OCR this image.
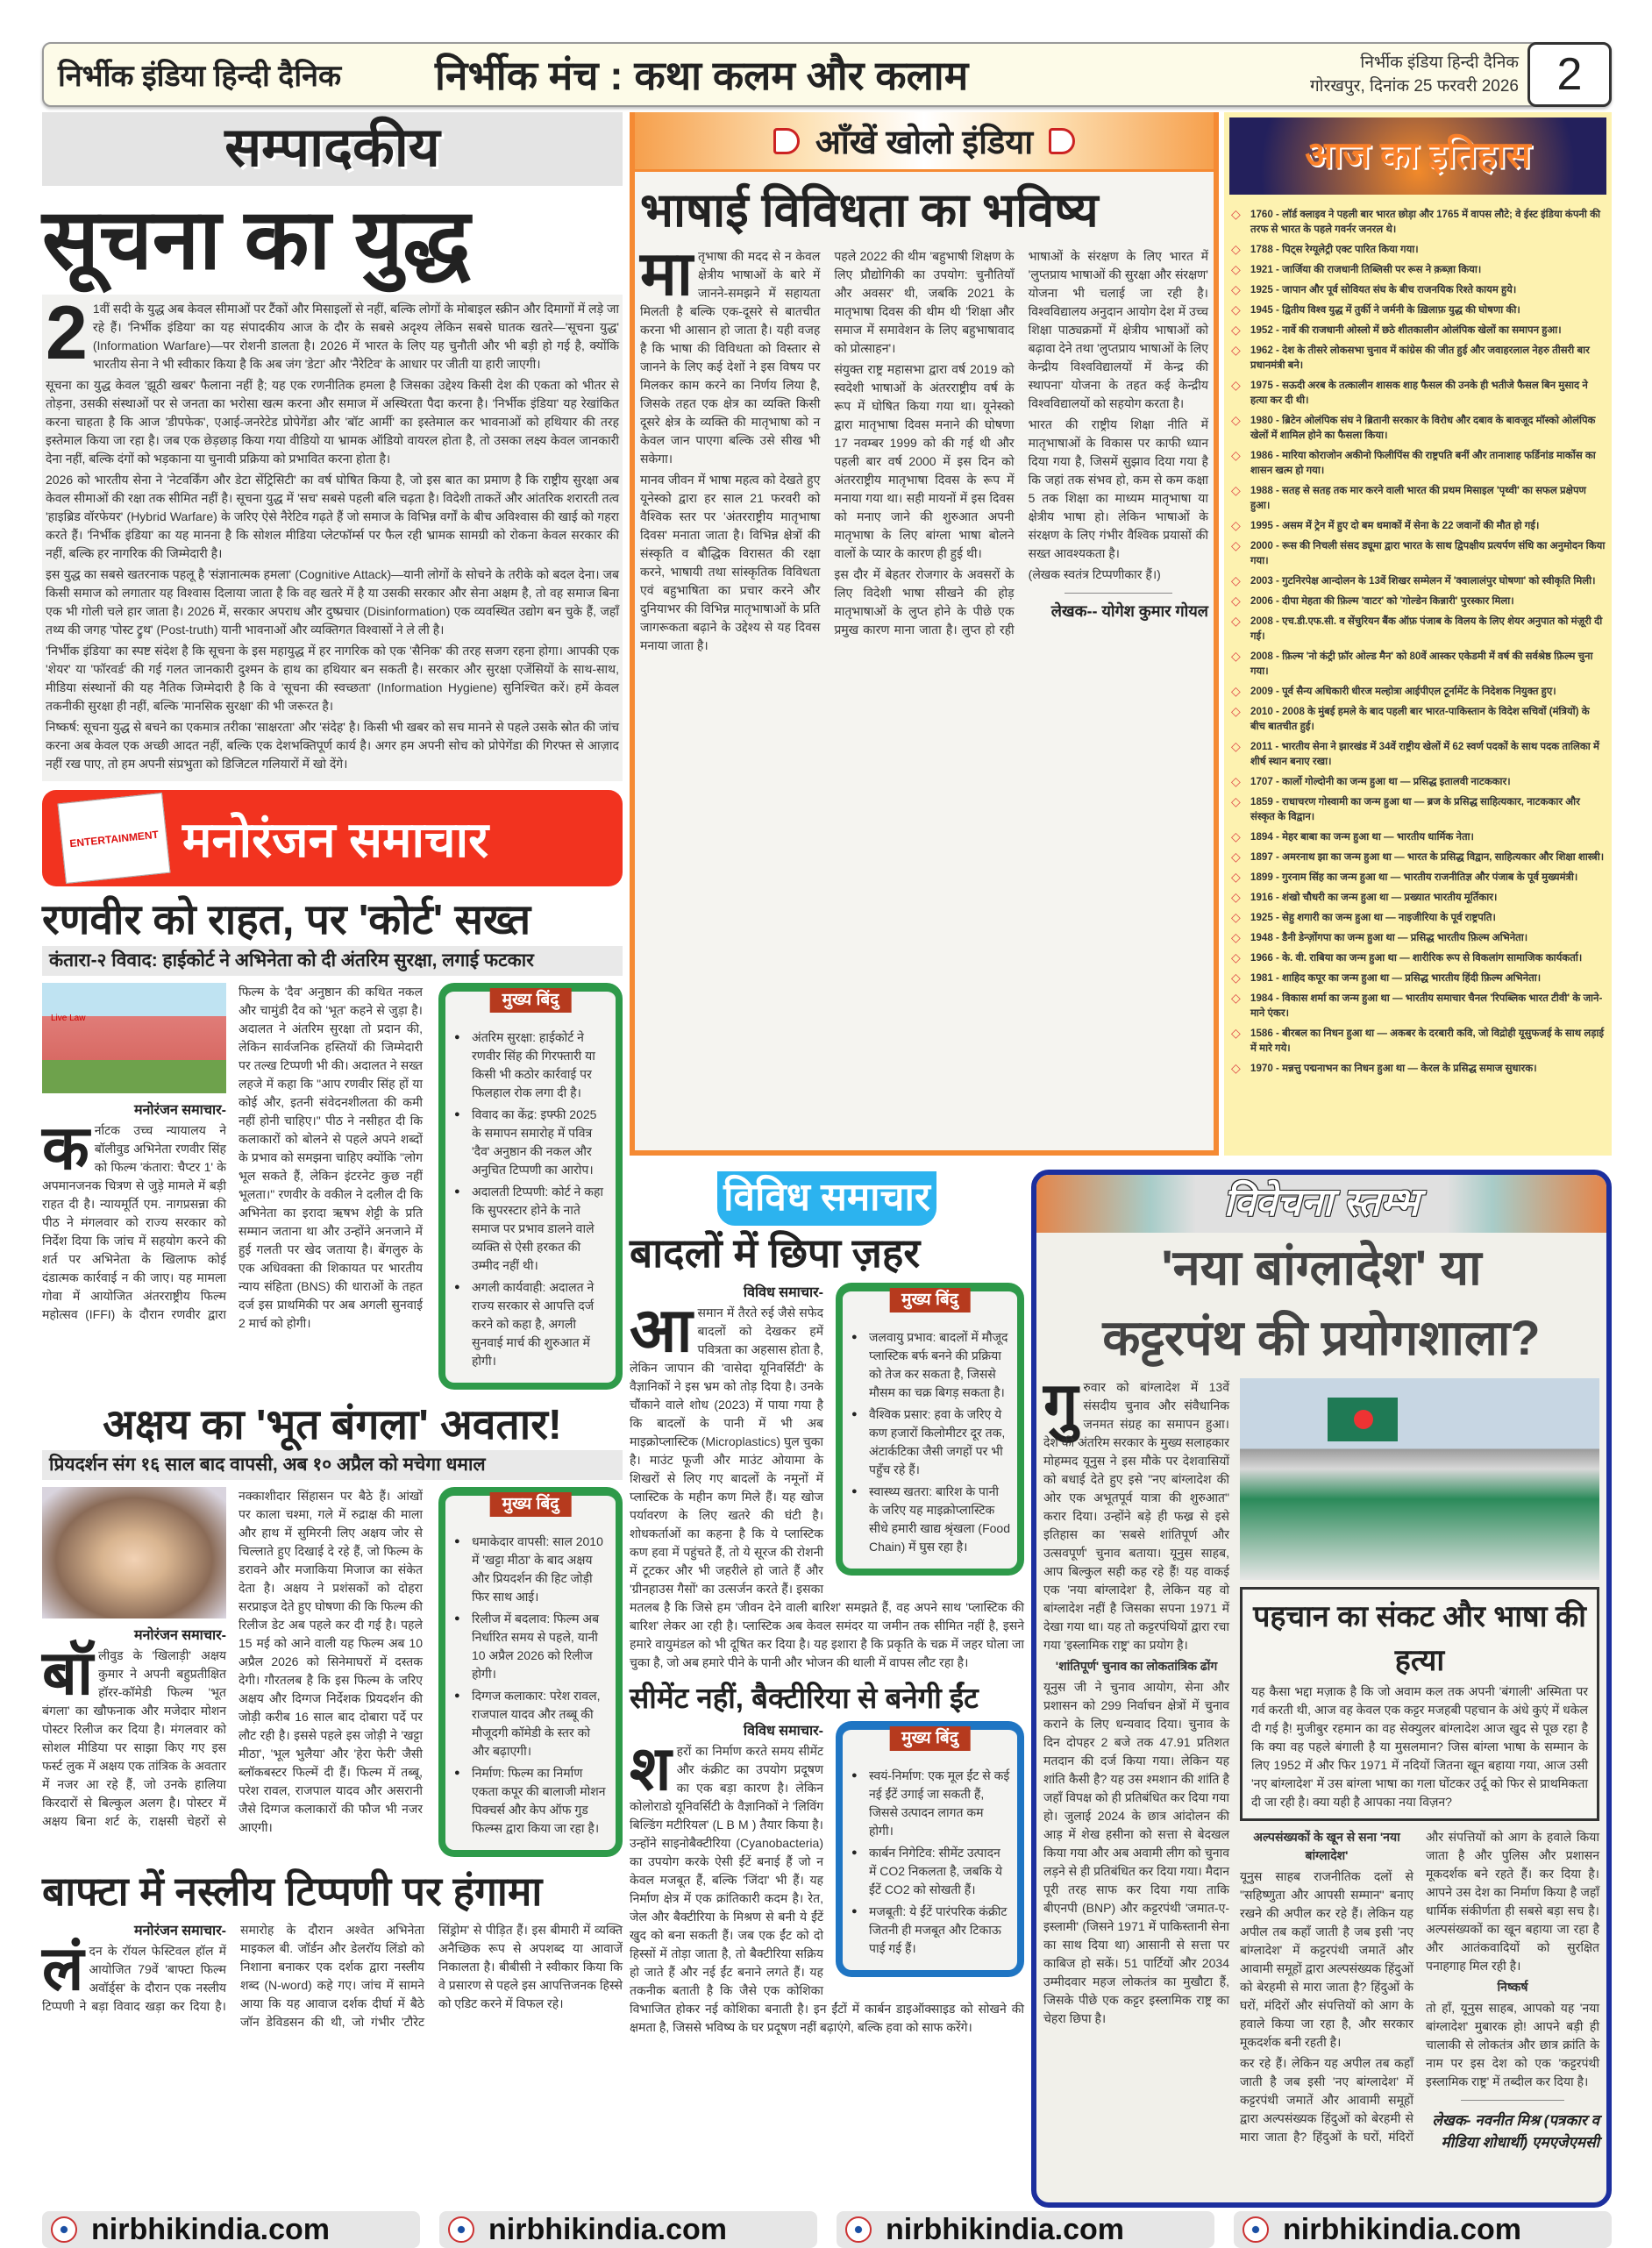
निर्भीक इंडिया हिन्दी दैनिक	निर्भीक मंच : कथा कलम और कलाम	निर्भीक इंडिया हिन्दी दैनिक
गोरखपुर, दिनांक 25 फरवरी 2026 2
सम्पादकीय
सूचना का युद्ध
2 1वीं सदी के युद्ध अब केवल सीमाओं पर टैंकों और मिसाइलों से नहीं, बल्कि लोगों के मोबाइल स्क्रीन और दिमागों में लड़े जा रहे हैं। 'निर्भीक इंडिया' का यह संपादकीय आज के दौर के सबसे अदृश्य लेकिन सबसे घातक खतरे—'सूचना युद्ध' (Information Warfare)—पर रोशनी डालता है। 2026 में भारत के लिए यह चुनौती और भी बड़ी हो गई है, क्योंकि भारतीय सेना ने भी स्वीकार किया है कि अब जंग 'डेटा' और 'नैरेटिव' के आधार पर जीती या हारी जाएगी।

सूचना का युद्ध केवल 'झूठी खबर' फैलाना नहीं है; यह एक रणनीतिक हमला है जिसका उद्देश्य किसी देश की एकता को भीतर से तोड़ना, उसकी संस्थाओं पर से जनता का भरोसा खत्म करना और समाज में अस्थिरता पैदा करना है। 'निर्भीक इंडिया' यह रेखांकित करना चाहता है कि आज 'डीपफेक', एआई-जनरेटेड प्रोपेगेंडा और 'बॉट आर्मी' का इस्तेमाल कर भावनाओं को हथियार की तरह इस्तेमाल किया जा रहा है। जब एक छेड़छाड़ किया गया वीडियो या भ्रामक ऑडियो वायरल होता है, तो उसका लक्ष्य केवल जानकारी देना नहीं, बल्कि दंगों को भड़काना या चुनावी प्रक्रिया को प्रभावित करना होता है।

2026 को भारतीय सेना ने 'नेटवर्किंग और डेटा सेंट्रिसिटी' का वर्ष घोषित किया है, जो इस बात का प्रमाण है कि राष्ट्रीय सुरक्षा अब केवल सीमाओं की रक्षा तक सीमित नहीं है। सूचना युद्ध में 'सच' सबसे पहली बलि चढ़ता है। विदेशी ताकतें और आंतरिक शरारती तत्व 'हाइब्रिड वॉरफेयर' (Hybrid Warfare) के जरिए ऐसे नैरेटिव गढ़ते हैं जो समाज के विभिन्न वर्गों के बीच अविश्वास की खाई को गहरा करते हैं। 'निर्भीक इंडिया' का यह मानना है कि सोशल मीडिया प्लेटफॉर्म्स पर फैल रही भ्रामक सामग्री को रोकना केवल सरकार की नहीं, बल्कि हर नागरिक की जिम्मेदारी है।

इस युद्ध का सबसे खतरनाक पहलू है 'संज्ञानात्मक हमला' (Cognitive Attack)—यानी लोगों के सोचने के तरीके को बदल देना। जब किसी समाज को लगातार यह विश्वास दिलाया जाता है कि वह खतरे में है या उसकी सरकार और सेना अक्षम है, तो वह समाज बिना एक भी गोली चले हार जाता है। 2026 में, सरकार अपराध और दुष्प्रचार (Disinformation) एक व्यवस्थित उद्योग बन चुके हैं, जहाँ तथ्य की जगह 'पोस्ट ट्रुथ' (Post-truth) यानी भावनाओं और व्यक्तिगत विश्वासों ने ले ली है।

'निर्भीक इंडिया' का स्पष्ट संदेश है कि सूचना के इस महायुद्ध में हर नागरिक को एक 'सैनिक' की तरह सजग रहना होगा। आपकी एक 'शेयर' या 'फॉरवर्ड' की गई गलत जानकारी दुश्मन के हाथ का हथियार बन सकती है। सरकार और सुरक्षा एजेंसियों के साथ-साथ, मीडिया संस्थानों की यह नैतिक जिम्मेदारी है कि वे 'सूचना की स्वच्छता' (Information Hygiene) सुनिश्चित करें। हमें केवल तकनीकी सुरक्षा ही नहीं, बल्कि 'मानसिक सुरक्षा' की भी जरूरत है।

निष्कर्ष: सूचना युद्ध से बचने का एकमात्र तरीका 'साक्षरता' और 'संदेह' है। किसी भी खबर को सच मानने से पहले उसके स्रोत की जांच करना अब केवल एक अच्छी आदत नहीं, बल्कि एक देशभक्तिपूर्ण कार्य है। अगर हम अपनी सोच को प्रोपेगेंडा की गिरफ्त से आज़ाद नहीं रख पाए, तो हम अपनी संप्रभुता को डिजिटल गलियारों में खो देंगे।

ENTERTAINMENT मनोरंजन समाचार
रणवीर को राहत, पर 'कोर्ट' सख्त
कंतारा-२ विवाद: हाईकोर्ट ने अभिनेता को दी अंतरिम सुरक्षा, लगाई फटकार
Live Law
मनोरंजन समाचार-
क र्नाटक उच्च न्यायालय ने बॉलीवुड अभिनेता रणवीर सिंह को फिल्म 'कंतारा: चैप्टर 1' के अपमानजनक चित्रण से जुड़े मामले में बड़ी राहत दी है। न्यायमूर्ति एम. नागप्रसन्ना की पीठ ने मंगलवार को राज्य सरकार को निर्देश दिया कि जांच में सहयोग करने की शर्त पर अभिनेता के खिलाफ कोई दंडात्मक कार्रवाई न की जाए। यह मामला गोवा में आयोजित अंतरराष्ट्रीय फिल्म महोत्सव (IFFI) के दौरान रणवीर द्वारा फिल्म के 'दैव' अनुष्ठान की कथित नकल और चामुंडी दैव को 'भूत' कहने से जुड़ा है। अदालत ने अंतरिम सुरक्षा तो प्रदान की, लेकिन सार्वजनिक हस्तियों की जिम्मेदारी पर तल्ख टिप्पणी भी की। अदालत ने सख्त लहजे में कहा कि "आप रणवीर सिंह हों या कोई और, इतनी संवेदनशीलता की कमी नहीं होनी चाहिए।" पीठ ने नसीहत दी कि कलाकारों को बोलने से पहले अपने शब्दों के प्रभाव को समझना चाहिए क्योंकि "लोग भूल सकते हैं, लेकिन इंटरनेट कुछ नहीं भूलता।" रणवीर के वकील ने दलील दी कि अभिनेता का इरादा ऋषभ शेट्टी के प्रति सम्मान जताना था और उन्होंने अनजाने में हुई गलती पर खेद जताया है। बेंगलुरु के एक अधिवक्ता की शिकायत पर भारतीय न्याय संहिता (BNS) की धाराओं के तहत दर्ज इस प्राथमिकी पर अब अगली सुनवाई 2 मार्च को होगी।
मुख्य बिंदु
● अंतरिम सुरक्षा: हाईकोर्ट ने रणवीर सिंह की गिरफ्तारी या किसी भी कठोर कार्रवाई पर फिलहाल रोक लगा दी है।
● विवाद का केंद्र: इफ्फी 2025 के समापन समारोह में पवित्र 'दैव' अनुष्ठान की नकल और अनुचित टिप्पणी का आरोप।
● अदालती टिप्पणी: कोर्ट ने कहा कि सुपरस्टार होने के नाते समाज पर प्रभाव डालने वाले व्यक्ति से ऐसी हरकत की उम्मीद नहीं थी।
● अगली कार्यवाही: अदालत ने राज्य सरकार से आपत्ति दर्ज करने को कहा है, अगली सुनवाई मार्च की शुरुआत में होगी।
अक्षय का 'भूत बंगला' अवतार!
प्रियदर्शन संग १६ साल बाद वापसी, अब १० अप्रैल को मचेगा धमाल
मनोरंजन समाचार-
बॉ लीवुड के 'खिलाड़ी' अक्षय कुमार ने अपनी बहुप्रतीक्षित हॉरर-कॉमेडी फिल्म 'भूत बंगला' का खौफनाक और मजेदार मोशन पोस्टर रिलीज कर दिया है। मंगलवार को सोशल मीडिया पर साझा किए गए इस फर्स्ट लुक में अक्षय एक तांत्रिक के अवतार में नजर आ रहे हैं, जो उनके हालिया किरदारों से बिल्कुल अलग है। पोस्टर में अक्षय बिना शर्ट के, राक्षसी चेहरों से नक्काशीदार सिंहासन पर बैठे हैं। आंखों पर काला चश्मा, गले में रुद्राक्ष की माला और हाथ में सुमिरनी लिए अक्षय जोर से चिल्लाते हुए दिखाई दे रहे हैं, जो फिल्म के डरावने और मजाकिया मिजाज का संकेत देता है। अक्षय ने प्रशंसकों को दोहरा सरप्राइज देते हुए घोषणा की कि फिल्म की रिलीज डेट अब पहले कर दी गई है। पहले 15 मई को आने वाली यह फिल्म अब 10 अप्रैल 2026 को सिनेमाघरों में दस्तक देगी। गौरतलब है कि इस फिल्म के जरिए अक्षय और दिग्गज निर्देशक प्रियदर्शन की जोड़ी करीब 16 साल बाद दोबारा पर्दे पर लौट रही है। इससे पहले इस जोड़ी ने 'खट्टा मीठा', 'भूल भुलैया' और 'हेरा फेरी' जैसी ब्लॉकबस्टर फिल्में दी हैं। फिल्म में तब्बू, परेश रावल, राजपाल यादव और असरानी जैसे दिग्गज कलाकारों की फौज भी नजर आएगी।
मुख्य बिंदु
● धमाकेदार वापसी: साल 2010 में 'खट्टा मीठा' के बाद अक्षय और प्रियदर्शन की हिट जोड़ी फिर साथ आई।
● रिलीज में बदलाव: फिल्म अब निर्धारित समय से पहले, यानी 10 अप्रैल 2026 को रिलीज होगी।
● दिग्गज कलाकार: परेश रावल, राजपाल यादव और तब्बू की मौजूदगी कॉमेडी के स्तर को और बढ़ाएगी।
● निर्माण: फिल्म का निर्माण एकता कपूर की बालाजी मोशन पिक्चर्स और केप ऑफ गुड फिल्म्स द्वारा किया जा रहा है।
बाफ्टा में नस्लीय टिप्पणी पर हंगामा
मनोरंजन समाचार-
लं दन के रॉयल फेस्टिवल हॉल में आयोजित 79वें 'बाफ्टा फिल्म अवॉर्ड्स' के दौरान एक नस्लीय टिप्पणी ने बड़ा विवाद खड़ा कर दिया है। समारोह के दौरान अश्वेत अभिनेता माइकल बी. जॉर्डन और डेलरॉय लिंडो को निशाना बनाकर एक दर्शक द्वारा नस्लीय शब्द (N-word) कहे गए। जांच में सामने आया कि यह आवाज दर्शक दीर्घा में बैठे जॉन डेविडसन की थी, जो गंभीर 'टौरेट सिंड्रोम' से पीड़ित हैं। इस बीमारी में व्यक्ति अनैच्छिक रूप से अपशब्द या आवाजें निकालता है। बीबीसी ने स्वीकार किया कि वे प्रसारण से पहले इस आपत्तिजनक हिस्से को एडिट करने में विफल रहे।
आँखें खोलो इंडिया
भाषाई विविधता का भविष्य
मा तृभाषा की मदद से न केवल क्षेत्रीय भाषाओं के बारे में जानने-समझने में सहायता मिलती है बल्कि एक-दूसरे से बातचीत करना भी आसान हो जाता है। यही वजह है कि भाषा की विविधता को विस्तार से जानने के लिए कई देशों ने इस विषय पर मिलकर काम करने का निर्णय लिया है, जिसके तहत एक क्षेत्र का व्यक्ति किसी दूसरे क्षेत्र के व्यक्ति की मातृभाषा को न केवल जान पाएगा बल्कि उसे सीख भी सकेगा।

मानव जीवन में भाषा महत्व को देखते हुए यूनेस्को द्वारा हर साल 21 फरवरी को वैश्विक स्तर पर 'अंतरराष्ट्रीय मातृभाषा दिवस' मनाता जाता है। विभिन्न क्षेत्रों की संस्कृति व बौद्धिक विरासत की रक्षा करने, भाषायी तथा सांस्कृतिक विविधता एवं बहुभाषिता का प्रचार करने और दुनियाभर की विभिन्न मातृभाषाओं के प्रति जागरूकता बढ़ाने के उद्देश्य से यह दिवस मनाया जाता है।

पहले 2022 की थीम 'बहुभाषी शिक्षण के लिए प्रौद्योगिकी का उपयोग: चुनौतियाँ और अवसर' थी, जबकि 2021 के मातृभाषा दिवस की थीम थी 'शिक्षा और समाज में समावेशन के लिए बहुभाषावाद को प्रोत्साहन'।

संयुक्त राष्ट्र महासभा द्वारा वर्ष 2019 को स्वदेशी भाषाओं के अंतरराष्ट्रीय वर्ष के रूप में घोषित किया गया था। यूनेस्को द्वारा मातृभाषा दिवस मनाने की घोषणा 17 नवम्बर 1999 को की गई थी और पहली बार वर्ष 2000 में इस दिन को अंतरराष्ट्रीय मातृभाषा दिवस के रूप में मनाया गया था। सही मायनों में इस दिवस को मनाए जाने की शुरुआत अपनी मातृभाषा के लिए बांग्ला भाषा बोलने वालों के प्यार के कारण ही हुई थी।

इस दौर में बेहतर रोजगार के अवसरों के लिए विदेशी भाषा सीखने की होड़ मातृभाषाओं के लुप्त होने के पीछे एक प्रमुख कारण माना जाता है। लुप्त हो रही भाषाओं के संरक्षण के लिए भारत में 'लुप्तप्राय भाषाओं की सुरक्षा और संरक्षण' योजना भी चलाई जा रही है। विश्वविद्यालय अनुदान आयोग देश में उच्च शिक्षा पाठ्यक्रमों में क्षेत्रीय भाषाओं को बढ़ावा देने तथा 'लुप्तप्राय भाषाओं के लिए केन्द्रीय विश्वविद्यालयों में केन्द्र की स्थापना' योजना के तहत कई केन्द्रीय विश्वविद्यालयों को सहयोग करता है।

भारत की राष्ट्रीय शिक्षा नीति में मातृभाषाओं के विकास पर काफी ध्यान दिया गया है, जिसमें सुझाव दिया गया है कि जहां तक संभव हो, कम से कम कक्षा 5 तक शिक्षा का माध्यम मातृभाषा या क्षेत्रीय भाषा हो। लेकिन भाषाओं के संरक्षण के लिए गंभीर वैश्विक प्रयासों की सख्त आवश्यकता है।

(लेखक स्वतंत्र टिप्पणीकार हैं।)

लेखक-- योगेश कुमार गोयल
आज का इतिहास
◇ 1760 - लॉर्ड क्लाइव ने पहली बार भारत छोड़ा और 1765 में वापस लौटे; वे ईस्ट इंडिया कंपनी की तरफ से भारत के पहले गवर्नर जनरल थे।
◇ 1788 - पिट्स रेग्यूलेट्री एक्ट पारित किया गया।
◇ 1921 - जार्जिया की राजधानी तिब्लिसी पर रूस ने क़ब्ज़ा किया।
◇ 1925 - जापान और पूर्व सोवियत संघ के बीच राजनयिक रिश्ते कायम हुये।
◇ 1945 - द्वितीय विश्व युद्ध में तुर्की ने जर्मनी के ख़िलाफ़ युद्ध की घोषणा की।
◇ 1952 - नार्वे की राजधानी ओस्लो में छठे शीतकालीन ओलंपिक खेलों का समापन हुआ।
◇ 1962 - देश के तीसरे लोकसभा चुनाव में कांग्रेस की जीत हुई और जवाहरलाल नेहरु तीसरी बार प्रधानमंत्री बने।
◇ 1975 - सऊदी अरब के तत्कालीन शासक शाह फैसल की उनके ही भतीजे फैसल बिन मुसाद ने हत्या कर दी थी।
◇ 1980 - ब्रिटेन ओलंपिक संघ ने ब्रितानी सरकार के विरोध और दबाव के बावजूद मॉस्को ओलंपिक खेलों में शामिल होने का फैसला किया।
◇ 1986 - मारिया कोराजोन अकीनो फिलीपिंस की राष्ट्रपति बनीं और तानाशाह फर्डिनांड मार्कोस का शासन खत्म हो गया।
◇ 1988 - सतह से सतह तक मार करने वाली भारत की प्रथम मिसाइल 'पृथ्वी' का सफल प्रक्षेपण हुआ।
◇ 1995 - असम में ट्रेन में हुए दो बम धमाकों में सेना के 22 जवानों की मौत हो गई।
◇ 2000 - रूस की निचली संसद ड्यूमा द्वारा भारत के साथ द्विपक्षीय प्रत्यर्पण संधि का अनुमोदन किया गया।
◇ 2003 - गुटनिरपेक्ष आन्दोलन के 13वें शिखर सम्मेलन में 'क्वालालंपुर घोषणा' को स्वीकृति मिली।
◇ 2006 - दीपा मेहता की फ़िल्म 'वाटर' को 'गोल्डेन किन्नारी' पुरस्कार मिला।
◇ 2008 - एच.डी.एफ.सी. व सेंचुरियन बैंक ऑफ़ पंजाब के विलय के लिए शेयर अनुपात को मंज़ूरी दी गई।
◇ 2008 - फ़िल्म 'नो कंट्री फ़ॉर ओल्ड मैन' को 80वें आस्कर एकेडमी में वर्ष की सर्वश्रेष्ठ फ़िल्म चुना गया।
◇ 2009 - पूर्व सैन्य अधिकारी धीरज मल्होत्रा आईपीएल टूर्नामेंट के निदेशक नियुक्त हुए।
◇ 2010 - 2008 के मुंबई हमले के बाद पहली बार भारत-पाकिस्तान के विदेश सचिवों (मंत्रियों) के बीच बातचीत हुई।
◇ 2011 - भारतीय सेना ने झारखंड में 34वें राष्ट्रीय खेलों में 62 स्वर्ण पदकों के साथ पदक तालिका में शीर्ष स्थान बनाए रखा।
◇ 1707 - कार्लो गोल्दोनी का जन्म हुआ था — प्रसिद्ध इतालवी नाटककार।
◇ 1859 - राधाचरण गोस्वामी का जन्म हुआ था — ब्रज के प्रसिद्ध साहित्यकार, नाटककार और संस्कृत के विद्वान।
◇ 1894 - मेहर बाबा का जन्म हुआ था — भारतीय धार्मिक नेता।
◇ 1897 - अमरनाथ झा का जन्म हुआ था — भारत के प्रसिद्ध विद्वान, साहित्यकार और शिक्षा शास्त्री।
◇ 1899 - गुरनाम सिंह का जन्म हुआ था — भारतीय राजनीतिज्ञ और पंजाब के पूर्व मुख्यमंत्री।
◇ 1916 - शंखो चौधरी का जन्म हुआ था — प्रख्यात भारतीय मूर्तिकार।
◇ 1925 - सेहु शगारी का जन्म हुआ था — नाइजीरिया के पूर्व राष्ट्रपति।
◇ 1948 - डैनी डेन्ज़ोंगपा का जन्म हुआ था — प्रसिद्ध भारतीय फ़िल्म अभिनेता।
◇ 1966 - के. वी. राबिया का जन्म हुआ था — शारीरिक रूप से विकलांग सामाजिक कार्यकर्ता।
◇ 1981 - शाहिद कपूर का जन्म हुआ था — प्रसिद्ध भारतीय हिंदी फ़िल्म अभिनेता।
◇ 1984 - विकास शर्मा का जन्म हुआ था — भारतीय समाचार चैनल 'रिपब्लिक भारत टीवी' के जाने-माने एंकर।
◇ 1586 - बीरबल का निधन हुआ था — अकबर के दरबारी कवि, जो विद्रोही यूसुफजई के साथ लड़ाई में मारे गये।
◇ 1970 - मन्नत्तु पद्मनाभन का निधन हुआ था — केरल के प्रसिद्ध समाज सुधारक।
विविध समाचार
बादलों में छिपा ज़हर
मुख्य बिंदु
● जलवायु प्रभाव: बादलों में मौजूद प्लास्टिक बर्फ बनने की प्रक्रिया को तेज कर सकता है, जिससे मौसम का चक्र बिगड़ सकता है।
● वैश्विक प्रसार: हवा के जरिए ये कण हजारों किलोमीटर दूर तक, अंटार्कटिका जैसी जगहों पर भी पहुँच रहे हैं।
● स्वास्थ्य खतरा: बारिश के पानी के जरिए यह माइक्रोप्लास्टिक सीधे हमारी खाद्य श्रृंखला (Food Chain) में घुस रहा है।
विविध समाचार-
आ समान में तैरते रुई जैसे सफेद बादलों को देखकर हमें पवित्रता का अहसास होता है, लेकिन जापान की 'वासेदा यूनिवर्सिटी' के वैज्ञानिकों ने इस भ्रम को तोड़ दिया है। उनके चौंकाने वाले शोध (2023) में पाया गया है कि बादलों के पानी में भी अब माइक्रोप्लास्टिक (Microplastics) घुल चुका है। माउंट फूजी और माउंट ओयामा के शिखरों से लिए गए बादलों के नमूनों में प्लास्टिक के महीन कण मिले हैं। यह खोज पर्यावरण के लिए खतरे की घंटी है। शोधकर्ताओं का कहना है कि ये प्लास्टिक कण हवा में पहुंचते हैं, तो ये सूरज की रोशनी में टूटकर और भी जहरीले हो जाते हैं और 'ग्रीनहाउस गैसों' का उत्सर्जन करते हैं। इसका मतलब है कि जिसे हम 'जीवन देने वाली बारिश' समझते हैं, वह अपने साथ 'प्लास्टिक की बारिश' लेकर आ रही है। प्लास्टिक अब केवल समंदर या जमीन तक सीमित नहीं है, इसने हमारे वायुमंडल को भी दूषित कर दिया है। यह इशारा है कि प्रकृति के चक्र में जहर घोला जा चुका है, जो अब हमारे पीने के पानी और भोजन की थाली में वापस लौट रहा है।
सीमेंट नहीं, बैक्टीरिया से बनेगी ईंट
मुख्य बिंदु
● स्वयं-निर्माण: एक मूल ईंट से कई नई ईंटें उगाई जा सकती हैं, जिससे उत्पादन लागत कम होगी।
● कार्बन निगेटिव: सीमेंट उत्पादन में CO2 निकलता है, जबकि ये ईंटें CO2 को सोखती हैं।
● मजबूती: ये ईंटें पारंपरिक कंक्रीट जितनी ही मजबूत और टिकाऊ पाई गई हैं।
विविध समाचार-
श हरों का निर्माण करते समय सीमेंट और कंक्रीट का उपयोग प्रदूषण का एक बड़ा कारण है। लेकिन कोलोराडो यूनिवर्सिटी के वैज्ञानिकों ने 'लिविंग बिल्डिंग मटीरियल' (L B M ) तैयार किया है। उन्होंने साइनोबैक्टीरिया (Cyanobacteria) का उपयोग करके ऐसी ईंटें बनाई हैं जो न केवल मजबूत हैं, बल्कि 'जिंदा' भी हैं। यह निर्माण क्षेत्र में एक क्रांतिकारी कदम है। रेत, जेल और बैक्टीरिया के मिश्रण से बनी ये ईंटें खुद को बना सकती हैं। जब एक ईंट को दो हिस्सों में तोड़ा जाता है, तो बैक्टीरिया सक्रिय हो जाते हैं और नई ईंट बनाने लगते हैं। यह तकनीक बताती है कि जैसे एक कोशिका विभाजित होकर नई कोशिका बनाती है। इन ईंटों में कार्बन डाइऑक्साइड को सोखने की क्षमता है, जिससे भविष्य के घर प्रदूषण नहीं बढ़ाएंगे, बल्कि हवा को साफ करेंगे।
विवेचना स्तम्भ
'नया बांग्लादेश' या
कट्टरपंथ की प्रयोगशाला?
गु रुवार को बांग्लादेश में 13वें संसदीय चुनाव और संवैधानिक जनमत संग्रह का समापन हुआ। देश की अंतरिम सरकार के मुख्य सलाहकार मोहम्मद यूनुस ने इस मौके पर देशवासियों को बधाई देते हुए इसे "नए बांग्लादेश की ओर एक अभूतपूर्व यात्रा की शुरुआत" करार दिया। उन्होंने बड़े ही फख्र से इसे इतिहास का 'सबसे शांतिपूर्ण और उत्सवपूर्ण' चुनाव बताया। यूनुस साहब, आप बिल्कुल सही कह रहे हैं! यह वाकई एक 'नया बांग्लादेश' है, लेकिन यह वो बांग्लादेश नहीं है जिसका सपना 1971 में देखा गया था। यह तो कट्टरपंथियों द्वारा रचा गया 'इस्लामिक राष्ट्र' का प्रयोग है।

'शांतिपूर्ण' चुनाव का लोकतांत्रिक ढोंग

यूनुस जी ने चुनाव आयोग, सेना और प्रशासन को 299 निर्वाचन क्षेत्रों में चुनाव कराने के लिए धन्यवाद दिया। चुनाव के दिन दोपहर 2 बजे तक 47.91 प्रतिशत मतदान की दर्ज किया गया। लेकिन यह शांति कैसी है? यह उस श्मशान की शांति है जहाँ विपक्ष को ही प्रतिबंधित कर दिया गया हो। जुलाई 2024 के छात्र आंदोलन की आड़ में शेख हसीना को सत्ता से बेदखल किया गया और अब अवामी लीग को चुनाव लड़ने से ही प्रतिबंधित कर दिया गया। मैदान पूरी तरह साफ कर दिया गया ताकि बीएनपी (BNP) और कट्टरपंथी 'जमात-ए-इस्लामी' (जिसने 1971 में पाकिस्तानी सेना का साथ दिया था) आसानी से सत्ता पर काबिज हो सकें। 51 पार्टियों और 2034 उम्मीदवार महज लोकतंत्र का मुखौटा हैं, जिसके पीछे एक कट्टर इस्लामिक राष्ट्र का चेहरा छिपा है।

पहचान का संकट और भाषा की हत्या
यह कैसा भद्दा मज़ाक है कि जो अवाम कल तक अपनी 'बंगाली' अस्मिता पर गर्व करती थी, आज वह केवल एक कट्टर मजहबी पहचान के अंधे कुएं में धकेल दी गई है! मुजीबुर रहमान का वह सेक्युलर बांग्लादेश आज खुद से पूछ रहा है कि क्या वह पहले बंगाली है या मुसलमान? जिस बांग्ला भाषा के सम्मान के लिए 1952 में और फिर 1971 में नदियों जितना खून बहाया गया, आज उसी 'नए बांग्लादेश' में उस बांग्ला भाषा का गला घोंटकर उर्दू को फिर से प्राथमिकता दी जा रही है। क्या यही है आपका नया विज़न?

अल्पसंख्यकों के खून से सना 'नया बांग्लादेश'

यूनुस साहब राजनीतिक दलों से "सहिष्णुता और आपसी सम्मान" बनाए रखने की अपील कर रहे हैं। लेकिन यह अपील तब कहाँ जाती है जब इसी 'नए बांग्लादेश' में कट्टरपंथी जमातें और आवामी समूहों द्वारा अल्पसंख्यक हिंदुओं को बेरहमी से मारा जाता है? हिंदुओं के घरों, मंदिरों और संपत्तियों को आग के हवाले किया जा रहा है, और सरकार मूकदर्शक बनी रहती है।

कर रहे हैं। लेकिन यह अपील तब कहाँ जाती है जब इसी 'नए बांग्लादेश' में कट्टरपंथी जमातें और आवामी समूहों द्वारा अल्पसंख्यक हिंदुओं को बेरहमी से मारा जाता है? हिंदुओं के घरों, मंदिरों और संपत्तियों को आग के हवाले किया जाता है और पुलिस और प्रशासन मूकदर्शक बने रहते हैं। कर दिया है। आपने उस देश का निर्माण किया है जहाँ धार्मिक संकीर्णता ही सबसे बड़ा सच है। अल्पसंख्यकों का खून बहाया जा रहा है और आतंकवादियों को सुरक्षित पनाहगाह मिल रही है।

निष्कर्ष

तो हाँ, यूनुस साहब, आपको यह 'नया बांग्लादेश' मुबारक हो! आपने बड़ी ही चालाकी से लोकतंत्र और छात्र क्रांति के नाम पर इस देश को एक 'कट्टरपंथी इस्लामिक राष्ट्र' में तब्दील कर दिया है।

लेखक- नवनीत मिश्र (पत्रकार व मीडिया शोधार्थी) एमएजेएमसी
nirbhikindia.com	nirbhikindia.com	nirbhikindia.com	nirbhikindia.com
